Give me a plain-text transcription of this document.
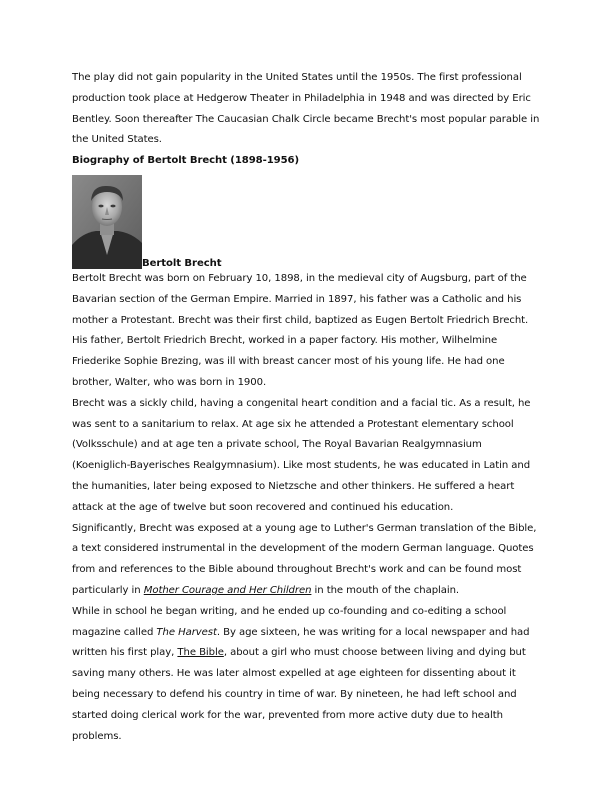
The play did not gain popularity in the United States until the 1950s. The first professional production took place at Hedgerow Theater in Philadelphia in 1948 and was directed by Eric Bentley. Soon thereafter The Caucasian Chalk Circle became Brecht's most popular parable in the United States.

Biography of Bertolt Brecht (1898-1956)

Bertolt Brecht

Bertolt Brecht was born on February 10, 1898, in the medieval city of Augsburg, part of the Bavarian section of the German Empire. Married in 1897, his father was a Catholic and his mother a Protestant. Brecht was their first child, baptized as Eugen Bertolt Friedrich Brecht. His father, Bertolt Friedrich Brecht, worked in a paper factory. His mother, Wilhelmine Friederike Sophie Brezing, was ill with breast cancer most of his young life. He had one brother, Walter, who was born in 1900.

Brecht was a sickly child, having a congenital heart condition and a facial tic. As a result, he was sent to a sanitarium to relax. At age six he attended a Protestant elementary school (Volksschule) and at age ten a private school, The Royal Bavarian Realgymnasium (Koeniglich-Bayerisches Realgymnasium). Like most students, he was educated in Latin and the humanities, later being exposed to Nietzsche and other thinkers. He suffered a heart attack at the age of twelve but soon recovered and continued his education.

Significantly, Brecht was exposed at a young age to Luther's German translation of the Bible, a text considered instrumental in the development of the modern German language. Quotes from and references to the Bible abound throughout Brecht's work and can be found most particularly in Mother Courage and Her Children in the mouth of the chaplain.

While in school he began writing, and he ended up co-founding and co-editing a school magazine called The Harvest. By age sixteen, he was writing for a local newspaper and had written his first play, The Bible, about a girl who must choose between living and dying but saving many others. He was later almost expelled at age eighteen for dissenting about it being necessary to defend his country in time of war. By nineteen, he had left school and started doing clerical work for the war, prevented from more active duty due to health problems.
